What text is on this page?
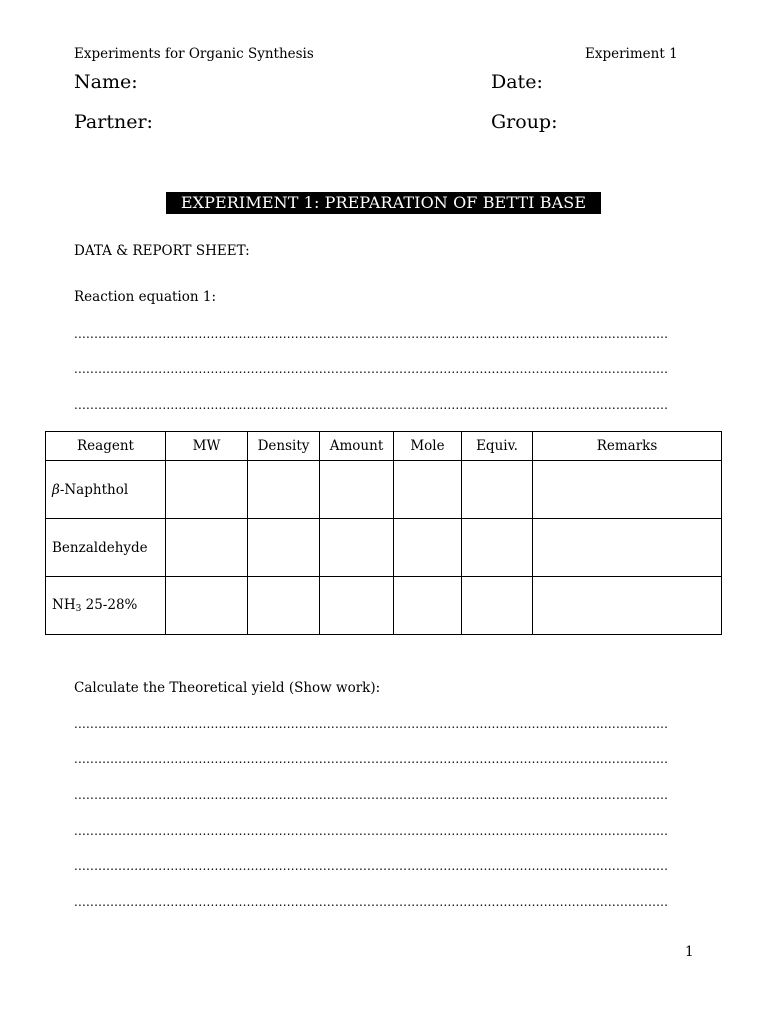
Experiments for Organic Synthesis	Experiment 1
Name:	Date:
Partner:	Group:
EXPERIMENT 1: PREPARATION OF BETTI BASE
DATA & REPORT SHEET:
Reaction equation 1:
....................................................................................................................................................
....................................................................................................................................................
....................................................................................................................................................
Reagent	MW	Density	Amount	Mole	Equiv.	Remarks
β-Naphthol						
Benzaldehyde						
$NH_3$ 25-28%						
Calculate the Theoretical yield (Show work):
....................................................................................................................................................
....................................................................................................................................................
....................................................................................................................................................
....................................................................................................................................................
....................................................................................................................................................
....................................................................................................................................................
1
